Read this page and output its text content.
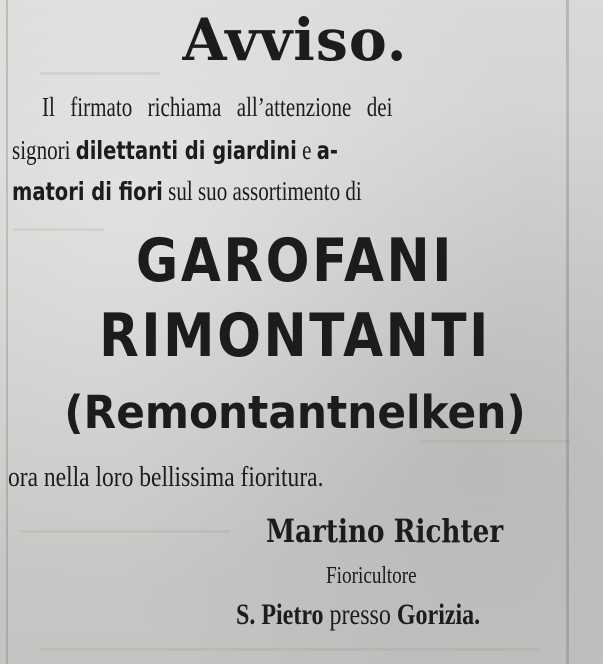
Avviso.

Il firmato richiama all’attenzione dei

signori dilettanti di giardini e a-

matori di fiori sul suo assortimento di

GAROFANI
RIMONTANTI

(Remontantnelken)

ora nella loro bellissima fioritura.

Martino Richter

Fioricultore

S. Pietro presso Gorizia.
